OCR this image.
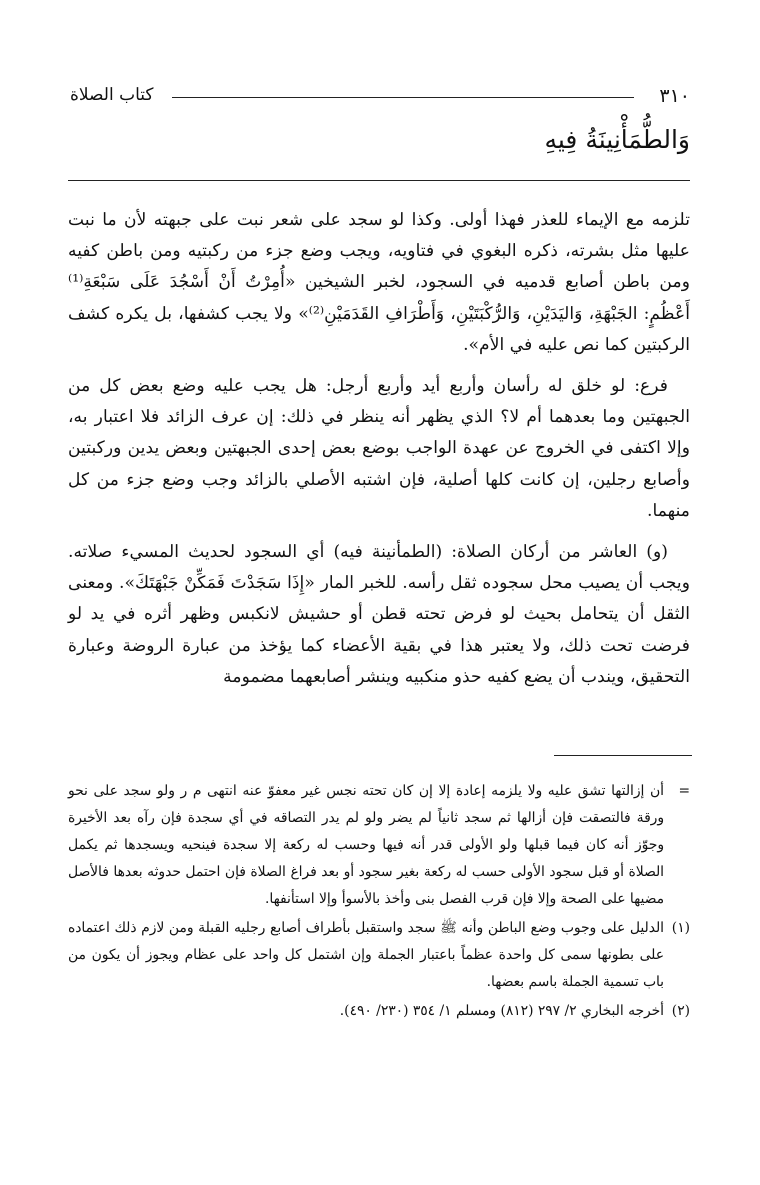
٣١٠
كتاب الصلاة
وَالطُّمَأْنِينَةُ فِيهِ

تلزمه مع الإيماء للعذر فهذا أولى. وكذا لو سجد على شعر نبت على جبهته لأن ما نبت عليها مثل بشرته، ذكره البغوي في فتاويه، ويجب وضع جزء من ركبتيه ومن باطن كفيه ومن باطن أصابع قدميه في السجود، لخبر الشيخين «أُمِرْتُ أَنْ أَسْجُدَ عَلَى سَبْعَةِ⁽¹⁾ أَعْظُمٍ: الجَبْهَةِ، وَاليَدَيْنِ، وَالرُّكْبَتَيْنِ، وَأَطْرَافِ القَدَمَيْنِ⁽²⁾» ولا يجب كشفها، بل يكره كشف الركبتين كما نص عليه في الأم».

فرع: لو خلق له رأسان وأربع أيد وأربع أرجل: هل يجب عليه وضع بعض كل من الجبهتين وما بعدهما أم لا؟ الذي يظهر أنه ينظر في ذلك: إن عرف الزائد فلا اعتبار به، وإلا اكتفى في الخروج عن عهدة الواجب بوضع بعض إحدى الجبهتين وبعض يدين وركبتين وأصابع رجلين، إن كانت كلها أصلية، فإن اشتبه الأصلي بالزائد وجب وضع جزء من كل منهما.

(و) العاشر من أركان الصلاة: (الطمأنينة فيه) أي السجود لحديث المسيء صلاته. ويجب أن يصيب محل سجوده ثقل رأسه. للخبر المار «إِذَا سَجَدْتَ فَمَكِّنْ جَبْهَتَكَ». ومعنى الثقل أن يتحامل بحيث لو فرض تحته قطن أو حشيش لانكبس وظهر أثره في يد لو فرضت تحت ذلك، ولا يعتبر هذا في بقية الأعضاء كما يؤخذ من عبارة الروضة وعبارة التحقيق، ويندب أن يضع كفيه حذو منكبيه وينشر أصابعهما مضمومة

=
أن إزالتها تشق عليه ولا يلزمه إعادة إلا إن كان تحته نجس غير معفوّ عنه انتهى م ر ولو سجد على نحو ورقة فالتصقت فإن أزالها ثم سجد ثانياً لم يضر ولو لم يدر التصاقه في أي سجدة فإن رآه بعد الأخيرة وجوّز أنه كان فيما قبلها ولو الأولى قدر أنه فيها وحسب له ركعة إلا سجدة فينحيه ويسجدها ثم يكمل الصلاة أو قبل سجود الأولى حسب له ركعة بغير سجود أو بعد فراغ الصلاة فإن احتمل حدوثه بعدها فالأصل مضيها على الصحة وإلا فإن قرب الفصل بنى وأخذ بالأسوأ وإلا استأنفها.
(١)
الدليل على وجوب وضع الباطن وأنه ﷺ سجد واستقبل بأطراف أصابع رجليه القبلة ومن لازم ذلك اعتماده على بطونها سمى كل واحدة عظماً باعتبار الجملة وإن اشتمل كل واحد على عظام ويجوز أن يكون من باب تسمية الجملة باسم بعضها.
(٢)
أخرجه البخاري ٢/ ٢٩٧ (٨١٢) ومسلم ١/ ٣٥٤ (٢٣٠/ ٤٩٠).
